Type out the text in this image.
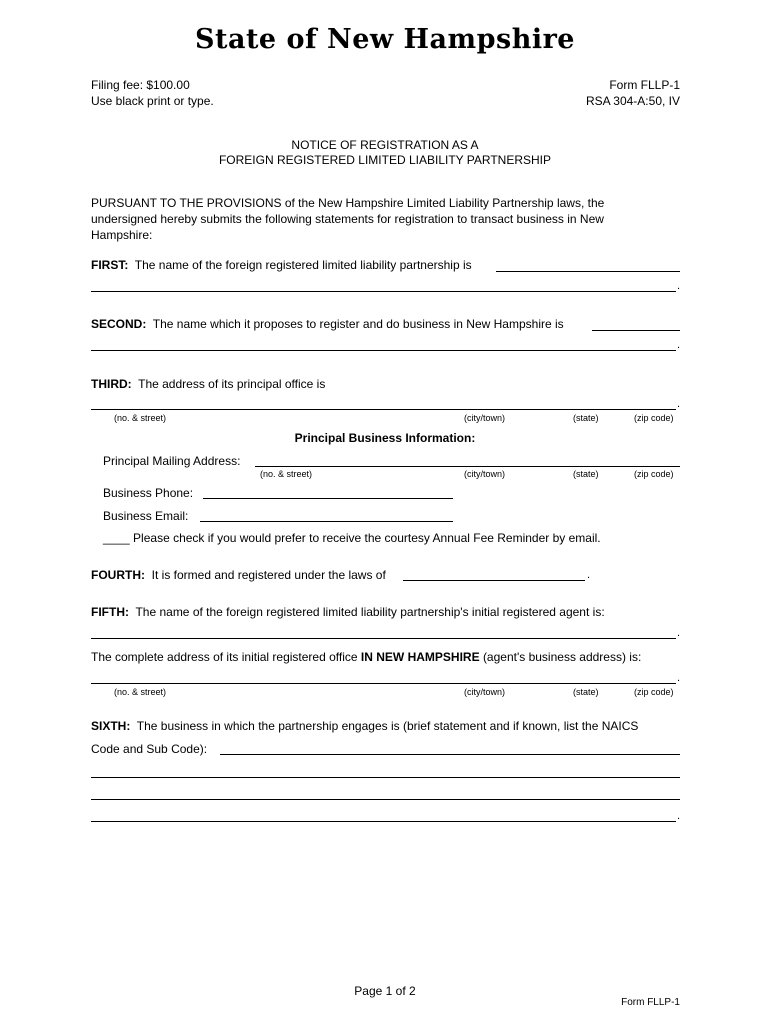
State of New Hampshire
Filing fee: $100.00
Use black print or type.
Form FLLP-1
RSA 304-A:50, IV
NOTICE OF REGISTRATION AS A
FOREIGN REGISTERED LIMITED LIABILITY PARTNERSHIP
PURSUANT TO THE PROVISIONS of the New Hampshire Limited Liability Partnership laws, the
undersigned hereby submits the following statements for registration to transact business in New
Hampshire:
FIRST: The name of the foreign registered limited liability partnership is
.
SECOND: The name which it proposes to register and do business in New Hampshire is
.
THIRD: The address of its principal office is
.
(no. & street)	(city/town)	(state)	(zip code)
Principal Business Information:
Principal Mailing Address:
(no. & street)	(city/town)	(state)	(zip code)
Business Phone:
Business Email:
____ Please check if you would prefer to receive the courtesy Annual Fee Reminder by email.
FOURTH: It is formed and registered under the laws of	.
FIFTH: The name of the foreign registered limited liability partnership's initial registered agent is:
.
The complete address of its initial registered office IN NEW HAMPSHIRE (agent's business address) is:
.
(no. & street)	(city/town)	(state)	(zip code)
SIXTH: The business in which the partnership engages is (brief statement and if known, list the NAICS
Code and Sub Code):
.
Page 1 of 2
Form FLLP-1
